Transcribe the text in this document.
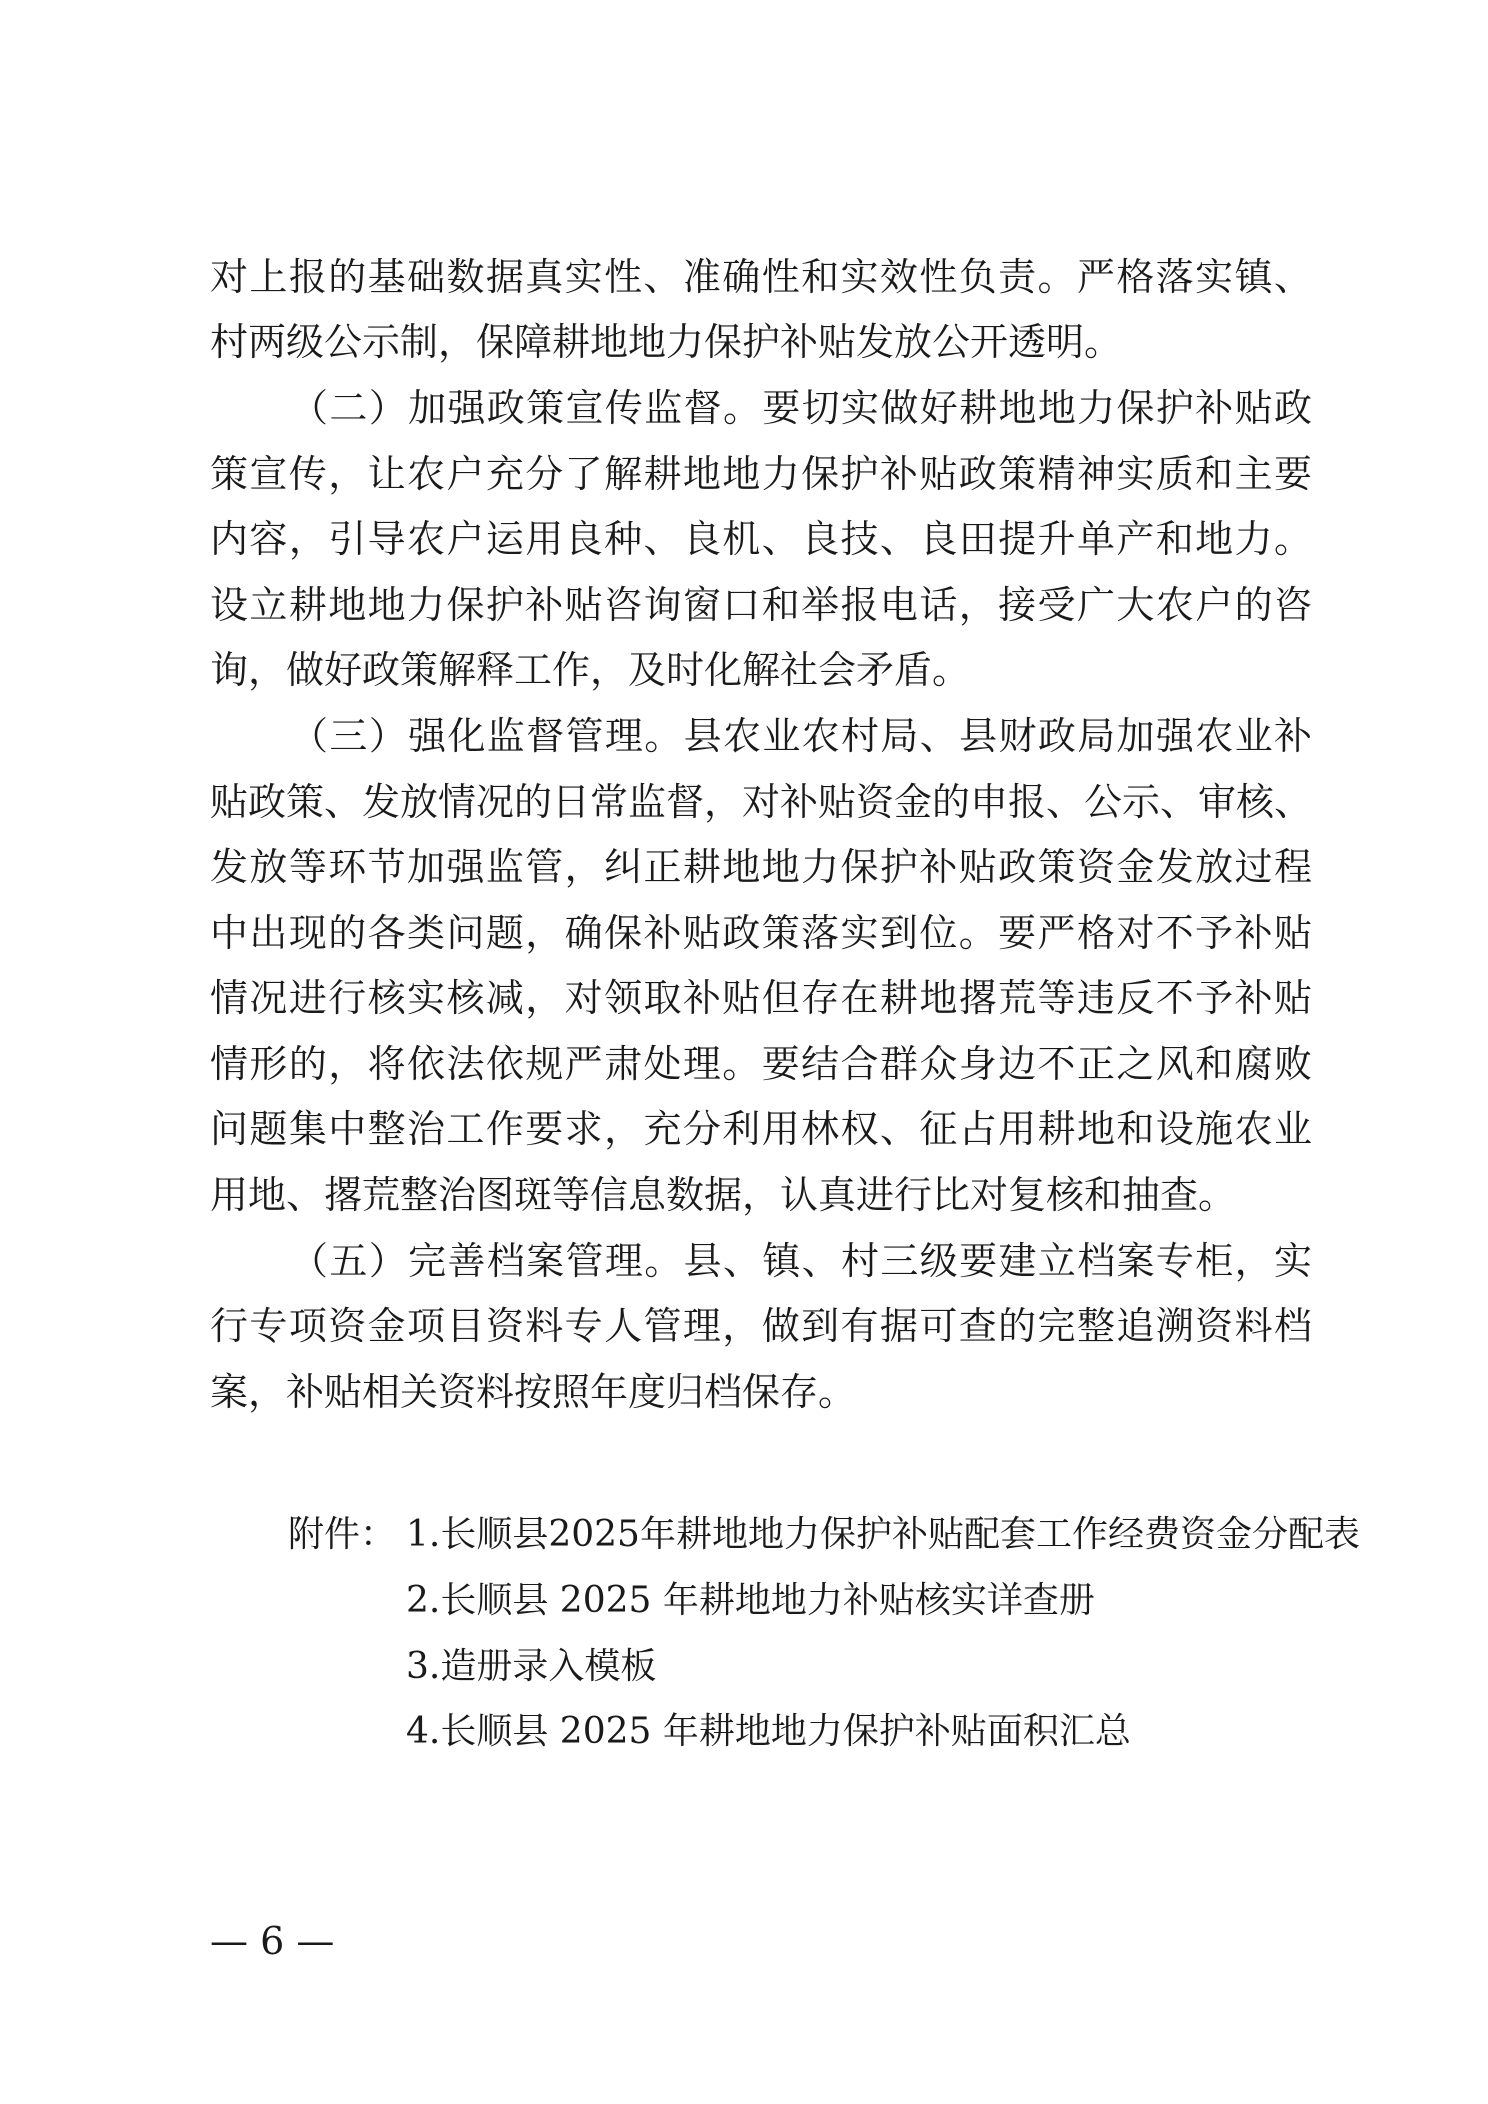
对上报的基础数据真实性、准确性和实效性负责。严格落实镇、
村两级公示制，保障耕地地力保护补贴发放公开透明。
（二）加强政策宣传监督。要切实做好耕地地力保护补贴政
策宣传，让农户充分了解耕地地力保护补贴政策精神实质和主要
内容，引导农户运用良种、良机、良技、良田提升单产和地力。
设立耕地地力保护补贴咨询窗口和举报电话，接受广大农户的咨
询，做好政策解释工作，及时化解社会矛盾。
（三）强化监督管理。县农业农村局、县财政局加强农业补
贴政策、发放情况的日常监督，对补贴资金的申报、公示、审核、
发放等环节加强监管，纠正耕地地力保护补贴政策资金发放过程
中出现的各类问题，确保补贴政策落实到位。要严格对不予补贴
情况进行核实核减，对领取补贴但存在耕地撂荒等违反不予补贴
情形的，将依法依规严肃处理。要结合群众身边不正之风和腐败
问题集中整治工作要求，充分利用林权、征占用耕地和设施农业
用地、撂荒整治图斑等信息数据，认真进行比对复核和抽查。
（五）完善档案管理。县、镇、村三级要建立档案专柜，实
行专项资金项目资料专人管理，做到有据可查的完整追溯资料档
案，补贴相关资料按照年度归档保存。
附件： 1.长顺县2025年耕地地力保护补贴配套工作经费资金分配表
2.长顺县 2025 年耕地地力补贴核实详查册
3.造册录入模板
4.长顺县 2025 年耕地地力保护补贴面积汇总
— 6 —
